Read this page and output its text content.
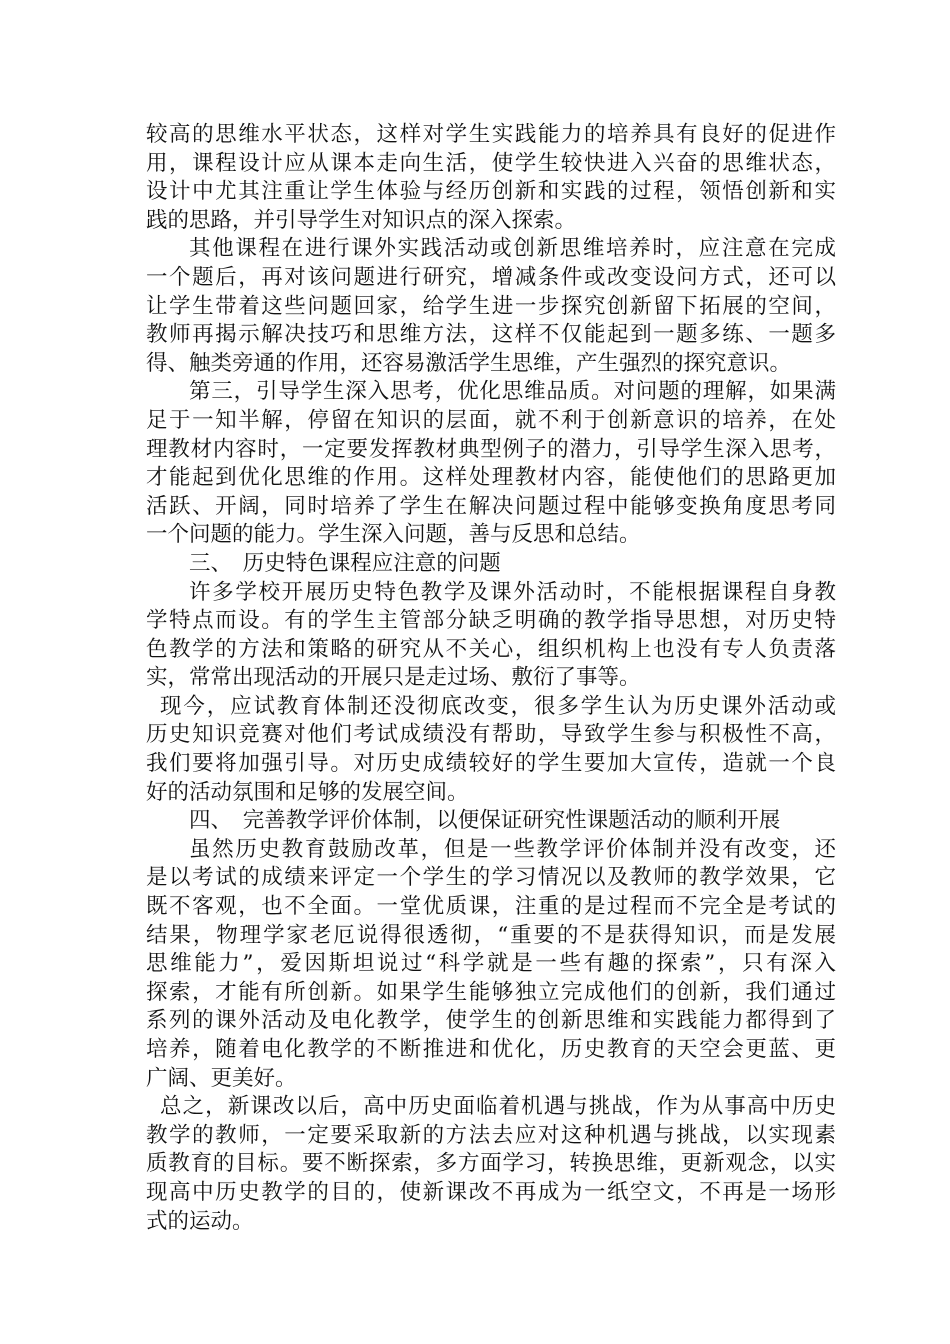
较高的思维水平状态，这样对学生实践能力的培养具有良好的促进作
用，课程设计应从课本走向生活，使学生较快进入兴奋的思维状态，
设计中尤其注重让学生体验与经历创新和实践的过程，领悟创新和实
践的思路，并引导学生对知识点的深入探索。
其他课程在进行课外实践活动或创新思维培养时，应注意在完成
一个题后，再对该问题进行研究，增减条件或改变设问方式，还可以
让学生带着这些问题回家，给学生进一步探究创新留下拓展的空间，
教师再揭示解决技巧和思维方法，这样不仅能起到一题多练、一题多
得、触类旁通的作用，还容易激活学生思维，产生强烈的探究意识。
第三，引导学生深入思考，优化思维品质。对问题的理解，如果满
足于一知半解，停留在知识的层面，就不利于创新意识的培养，在处
理教材内容时，一定要发挥教材典型例子的潜力，引导学生深入思考，
才能起到优化思维的作用。这样处理教材内容，能使他们的思路更加
活跃、开阔，同时培养了学生在解决问题过程中能够变换角度思考同
一个问题的能力。学生深入问题，善与反思和总结。
三、　历史特色课程应注意的问题
许多学校开展历史特色教学及课外活动时，不能根据课程自身教
学特点而设。有的学生主管部分缺乏明确的教学指导思想，对历史特
色教学的方法和策略的研究从不关心，组织机构上也没有专人负责落
实，常常出现活动的开展只是走过场、敷衍了事等。
现今，应试教育体制还没彻底改变，很多学生认为历史课外活动或
历史知识竞赛对他们考试成绩没有帮助，导致学生参与积极性不高，
我们要将加强引导。对历史成绩较好的学生要加大宣传，造就一个良
好的活动氛围和足够的发展空间。
四、　完善教学评价体制，以便保证研究性课题活动的顺利开展
虽然历史教育鼓励改革，但是一些教学评价体制并没有改变，还
是以考试的成绩来评定一个学生的学习情况以及教师的教学效果，它
既不客观，也不全面。一堂优质课，注重的是过程而不完全是考试的
结果，物理学家老厄说得很透彻，“重要的不是获得知识，而是发展
思维能力”，爱因斯坦说过“科学就是一些有趣的探索”，只有深入
探索，才能有所创新。如果学生能够独立完成他们的创新，我们通过
系列的课外活动及电化教学，使学生的创新思维和实践能力都得到了
培养，随着电化教学的不断推进和优化，历史教育的天空会更蓝、更
广阔、更美好。
总之，新课改以后，高中历史面临着机遇与挑战，作为从事高中历史
教学的教师，一定要采取新的方法去应对这种机遇与挑战，以实现素
质教育的目标。要不断探索，多方面学习，转换思维，更新观念，以实
现高中历史教学的目的，使新课改不再成为一纸空文，不再是一场形
式的运动。
